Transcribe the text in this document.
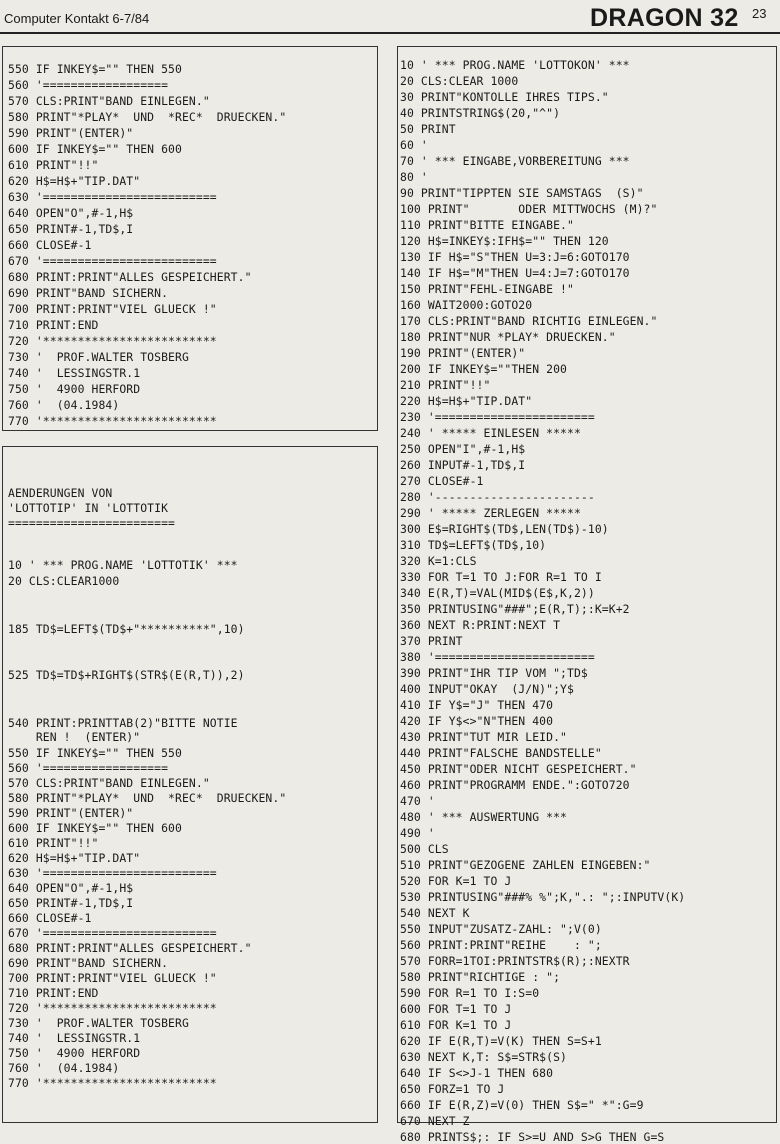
Computer Kontakt 6-7/84	DRAGON 32 23
550 IF INKEY$="" THEN 550
560 '==================
570 CLS:PRINT"BAND EINLEGEN."
580 PRINT"*PLAY*  UND  *REC*  DRUECKEN."
590 PRINT"(ENTER)"
600 IF INKEY$="" THEN 600
610 PRINT"!!"
620 H$=H$+"TIP.DAT"
630 '=========================
640 OPEN"O",#-1,H$
650 PRINT#-1,TD$,I
660 CLOSE#-1
670 '=========================
680 PRINT:PRINT"ALLES GESPEICHERT."
690 PRINT"BAND SICHERN.
700 PRINT:PRINT"VIEL GLUECK !"
710 PRINT:END
720 '*************************
730 '  PROF.WALTER TOSBERG
740 '  LESSINGSTR.1
750 '  4900 HERFORD
760 '  (04.1984)
770 '*************************
AENDERUNGEN VON
'LOTTOTIP' IN 'LOTTOTIK
========================
10 ' *** PROG.NAME 'LOTTOTIK' ***
20 CLS:CLEAR1000
185 TD$=LEFT$(TD$+"**********",10)
525 TD$=TD$+RIGHT$(STR$(E(R,T)),2)
540 PRINT:PRINTTAB(2)"BITTE NOTIE
REN !  (ENTER)"
550 IF INKEY$="" THEN 550
560 '==================
570 CLS:PRINT"BAND EINLEGEN."
580 PRINT"*PLAY*  UND  *REC*  DRUECKEN."
590 PRINT"(ENTER)"
600 IF INKEY$="" THEN 600
610 PRINT"!!"
620 H$=H$+"TIP.DAT"
630 '=========================
640 OPEN"O",#-1,H$
650 PRINT#-1,TD$,I
660 CLOSE#-1
670 '=========================
680 PRINT:PRINT"ALLES GESPEICHERT."
690 PRINT"BAND SICHERN.
700 PRINT:PRINT"VIEL GLUECK !"
710 PRINT:END
720 '*************************
730 '  PROF.WALTER TOSBERG
740 '  LESSINGSTR.1
750 '  4900 HERFORD
760 '  (04.1984)
770 '*************************
10 ' *** PROG.NAME 'LOTTOKON' ***
20 CLS:CLEAR 1000
30 PRINT"KONTOLLE IHRES TIPS."
40 PRINTSTRING$(20,"^")
50 PRINT
60 '
70 ' *** EINGABE,VORBEREITUNG ***
80 '
90 PRINT"TIPPTEN SIE SAMSTAGS  (S)"
100 PRINT"       ODER MITTWOCHS (M)?"
110 PRINT"BITTE EINGABE."
120 H$=INKEY$:IFH$="" THEN 120
130 IF H$="S"THEN U=3:J=6:GOTO170
140 IF H$="M"THEN U=4:J=7:GOTO170
150 PRINT"FEHL-EINGABE !"
160 WAIT2000:GOTO20
170 CLS:PRINT"BAND RICHTIG EINLEGEN."
180 PRINT"NUR *PLAY* DRUECKEN."
190 PRINT"(ENTER)"
200 IF INKEY$=""THEN 200
210 PRINT"!!"
220 H$=H$+"TIP.DAT"
230 '=======================
240 ' ***** EINLESEN *****
250 OPEN"I",#-1,H$
260 INPUT#-1,TD$,I
270 CLOSE#-1
280 '-----------------------
290 ' ***** ZERLEGEN *****
300 E$=RIGHT$(TD$,LEN(TD$)-10)
310 TD$=LEFT$(TD$,10)
320 K=1:CLS
330 FOR T=1 TO J:FOR R=1 TO I
340 E(R,T)=VAL(MID$(E$,K,2))
350 PRINTUSING"###";E(R,T);:K=K+2
360 NEXT R:PRINT:NEXT T
370 PRINT
380 '=======================
390 PRINT"IHR TIP VOM ";TD$
400 INPUT"OKAY  (J/N)";Y$
410 IF Y$="J" THEN 470
420 IF Y$<>"N"THEN 400
430 PRINT"TUT MIR LEID."
440 PRINT"FALSCHE BANDSTELLE"
450 PRINT"ODER NICHT GESPEICHERT."
460 PRINT"PROGRAMM ENDE.":GOTO720
470 '
480 ' *** AUSWERTUNG ***
490 '
500 CLS
510 PRINT"GEZOGENE ZAHLEN EINGEBEN:"
520 FOR K=1 TO J
530 PRINTUSING"###% %";K,".: ";:INPUTV(K)
540 NEXT K
550 INPUT"ZUSATZ-ZAHL: ";V(0)
560 PRINT:PRINT"REIHE    : ";
570 FORR=1TOI:PRINTSTR$(R);:NEXTR
580 PRINT"RICHTIGE : ";
590 FOR R=1 TO I:S=0
600 FOR T=1 TO J
610 FOR K=1 TO J
620 IF E(R,T)=V(K) THEN S=S+1
630 NEXT K,T: S$=STR$(S)
640 IF S<>J-1 THEN 680
650 FORZ=1 TO J
660 IF E(R,Z)=V(0) THEN S$=" *":G=9
670 NEXT Z
680 PRINTS$;: IF S>=U AND S>G THEN G=S
